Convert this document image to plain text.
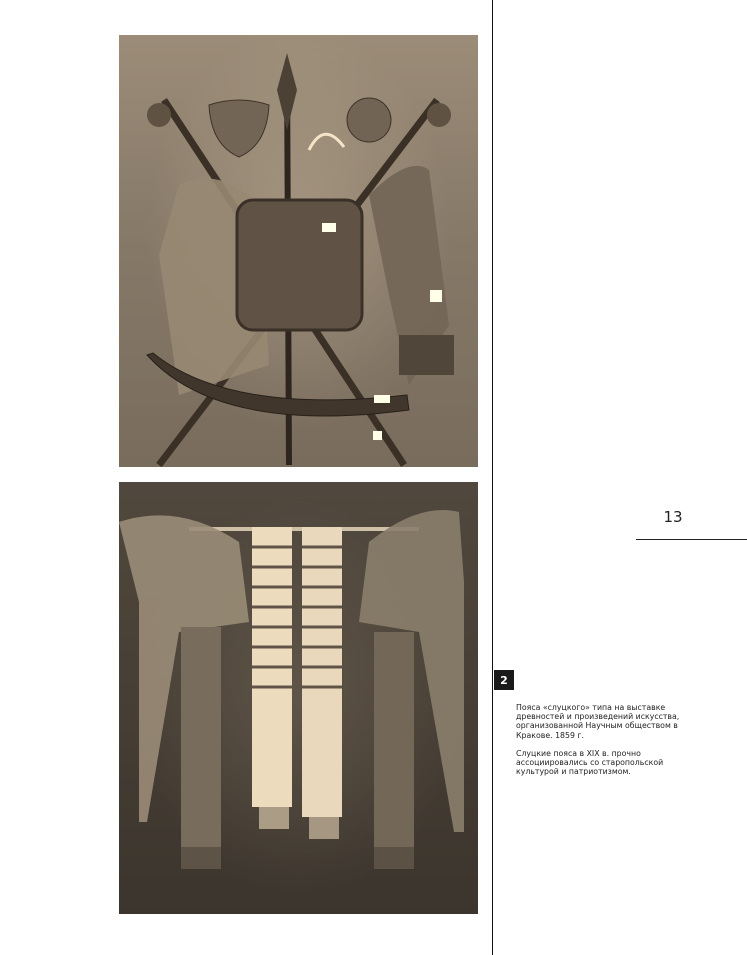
13
2

Пояса «слуцкого» типа на выставке древностей и произведений искусства, организованной Научным обществом в Кракове. 1859 г.

Слуцкие пояса в XIX в. прочно ассоциировались со старопольской культурой и патриотизмом.
